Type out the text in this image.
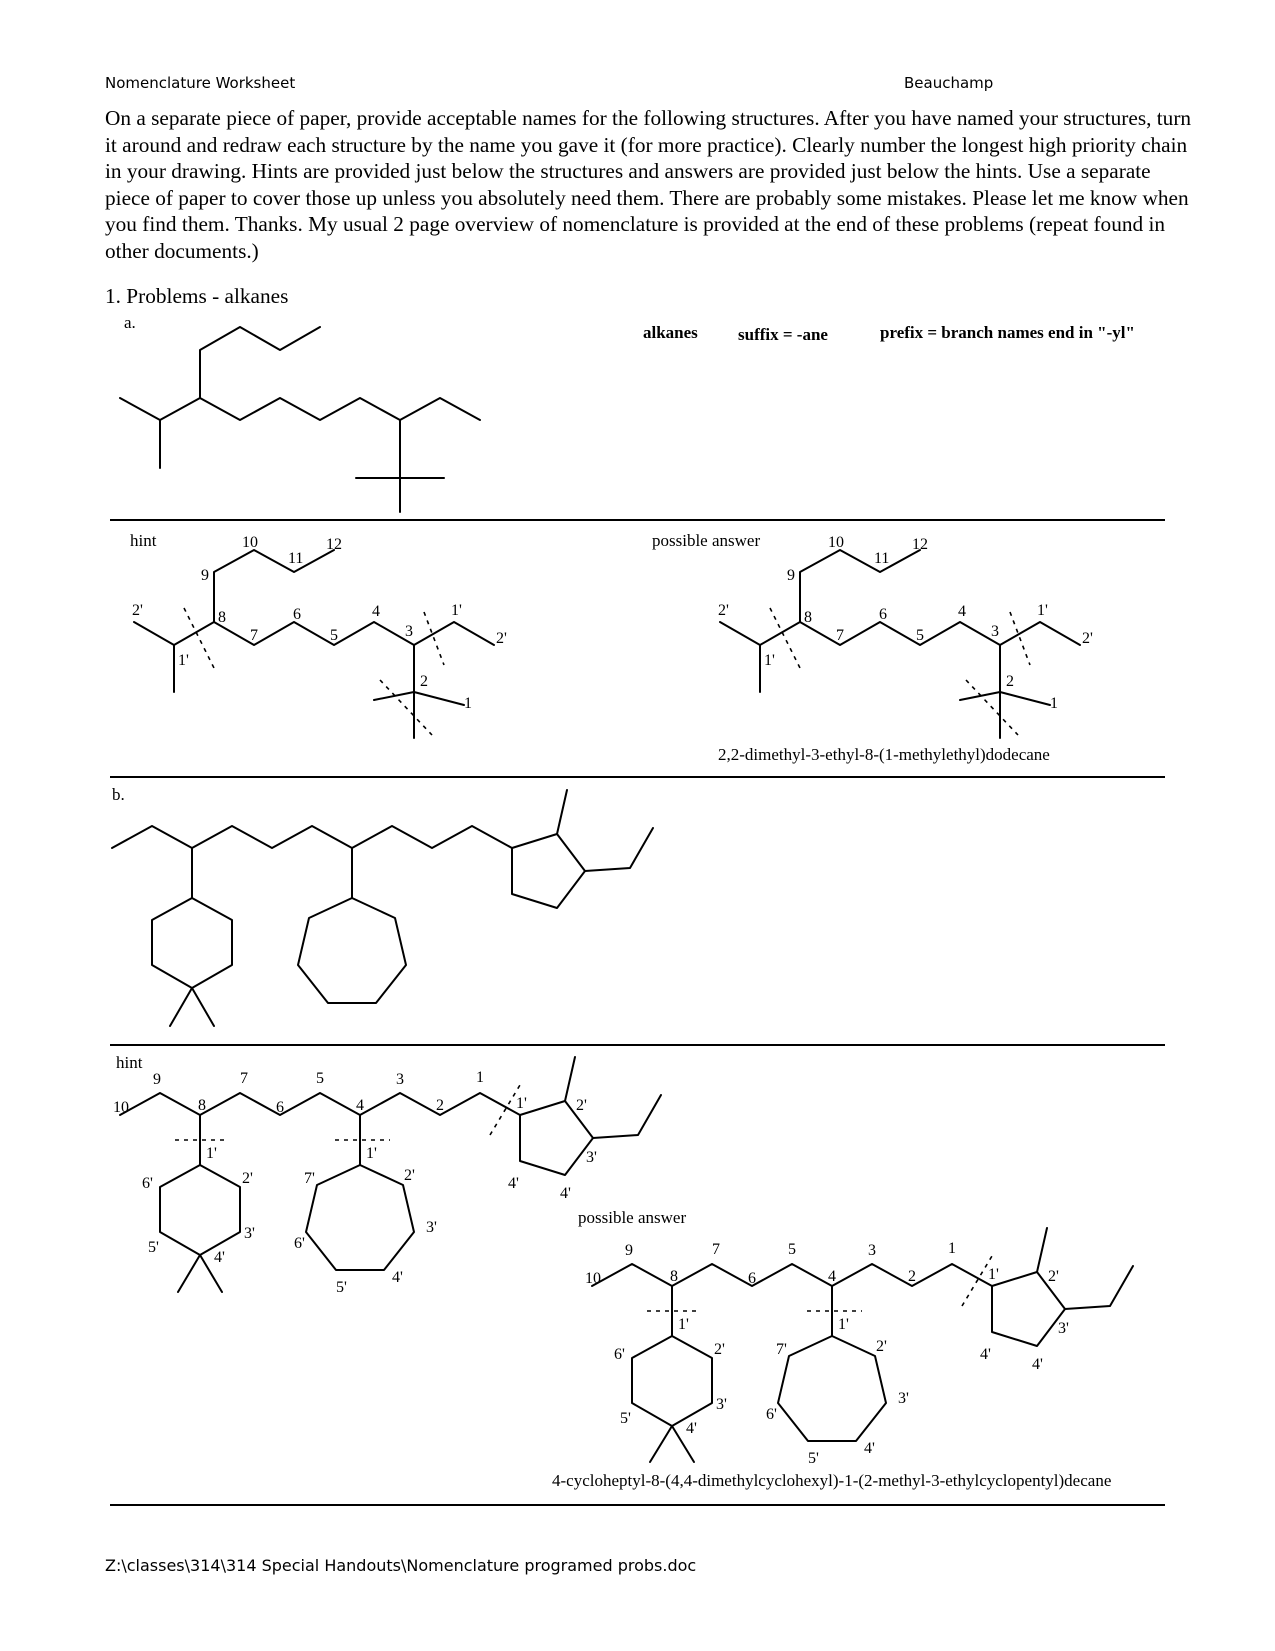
Nomenclature Worksheet	Beauchamp
On a separate piece of paper, provide acceptable names for the following structures. After you have named your structures, turn it around and redraw each structure by the name you gave it (for more practice). Clearly number the longest high priority chain in your drawing. Hints are provided just below the structures and answers are provided just below the hints. Use a separate piece of paper to cover those up unless you absolutely need them. There are probably some mistakes. Please let me know when you find them. Thanks. My usual 2 page overview of nomenclature is provided at the end of these problems (repeat found in other documents.)
1. Problems - alkanes
a.
alkanes suffix = -ane	prefix = branch names end in "-yl"
hint	10
11
12
9
8
7
6
5
4
3
2
1
1'
2'
2'
1'
possible answer	10
11
12
9
8
7
6
5
4
3
2
1
1'
2'
2'
1'
2,2-dimethyl-3-ethyl-8-(1-methylethyl)dodecane
b.
hint
10
9
8
7
6
5
4
3
2
1
1'
2'
3'
4'
5'
6'
1'
2'
3'
4'
5'
6'
7'
1'	2'
3'
4'
4'
possible answer
10
9
8
7
6
5
4
3
2
1
1'
2'
3'
4'
5'
6'
1'
2'
3'
4'
5'
6'
7'
1'	2'
3'
4'
4'
4-cycloheptyl-8-(4,4-dimethylcyclohexyl)-1-(2-methyl-3-ethylcyclopentyl)decane
Z:\classes\314\314 Special Handouts\Nomenclature programed probs.doc
